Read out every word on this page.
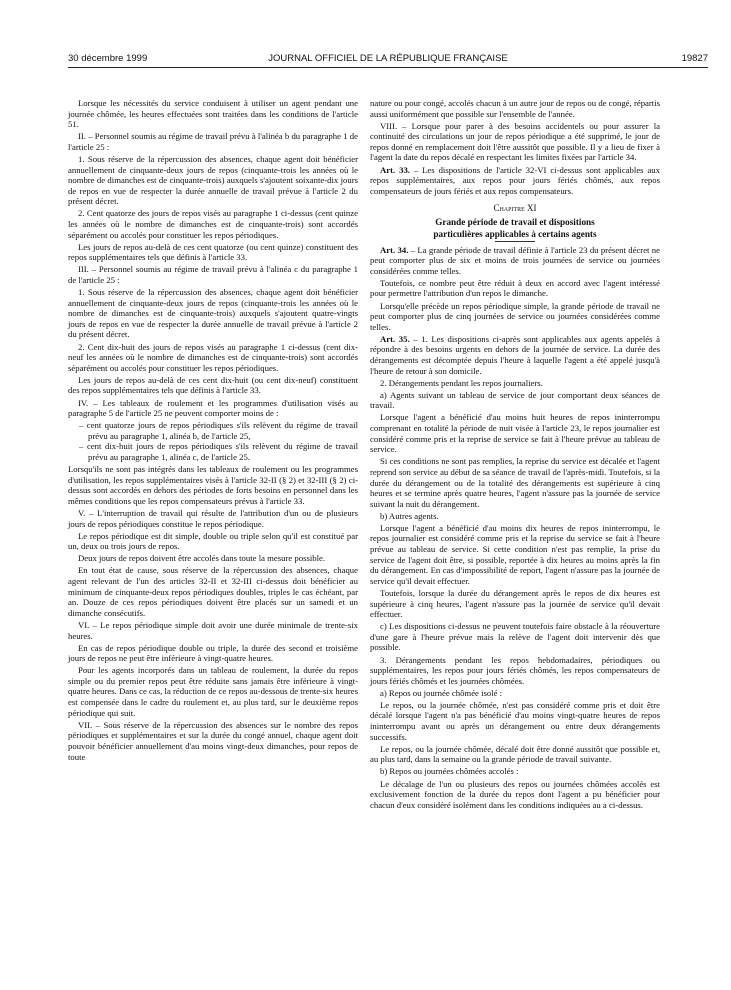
30 décembre 1999	JOURNAL OFFICIEL DE LA RÉPUBLIQUE FRANÇAISE	19827

Lorsque les nécessités du service conduisent à utiliser un agent pendant une journée chômée, les heures effectuées sont traitées dans les conditions de l'article 51.

II. – Personnel soumis au régime de travail prévu à l'alinéa b du paragraphe 1 de l'article 25 :

1. Sous réserve de la répercussion des absences, chaque agent doit bénéficier annuellement de cinquante-deux jours de repos (cinquante-trois les années où le nombre de dimanches est de cinquante-trois) auxquels s'ajoutent soixante-dix jours de repos en vue de respecter la durée annuelle de travail prévue à l'article 2 du présent décret.

2. Cent quatorze des jours de repos visés au paragraphe 1 ci-dessus (cent quinze les années où le nombre de dimanches est de cinquante-trois) sont accordés séparément ou accolés pour constituer les repos périodiques.

Les jours de repos au-delà de ces cent quatorze (ou cent quinze) constituent des repos supplémentaires tels que définis à l'article 33.

III. – Personnel soumis au régime de travail prévu à l'alinéa c du paragraphe 1 de l'article 25 :

1. Sous réserve de la répercussion des absences, chaque agent doit bénéficier annuellement de cinquante-deux jours de repos (cinquante-trois les années où le nombre de dimanches est de cinquante-trois) auxquels s'ajoutent quatre-vingts jours de repos en vue de respecter la durée annuelle de travail prévue à l'article 2 du présent décret.

2. Cent dix-huit des jours de repos visés au paragraphe 1 ci-dessus (cent dix-neuf les années où le nombre de dimanches est de cinquante-trois) sont accordés séparément ou accolés pour constituer les repos périodiques.

Les jours de repos au-delà de ces cent dix-huit (ou cent dix-neuf) constituent des repos supplémentaires tels que définis à l'article 33.

IV. – Les tableaux de roulement et les programmes d'utilisation visés au paragraphe 5 de l'article 25 ne peuvent comporter moins de :

– cent quatorze jours de repos périodiques s'ils relèvent du régime de travail prévu au paragraphe 1, alinéa b, de l'article 25,
– cent dix-huit jours de repos périodiques s'ils relèvent du régime de travail prévu au paragraphe 1, alinéa c, de l'article 25.

Lorsqu'ils ne sont pas intégrés dans les tableaux de roulement ou les programmes d'utilisation, les repos supplémentaires visés à l'article 32-II (§ 2) et 32-III (§ 2) ci-dessus sont accordés en dehors des périodes de forts besoins en personnel dans les mêmes conditions que les repos compensateurs prévus à l'article 33.

V. – L'interruption de travail qui résulte de l'attribution d'un ou de plusieurs jours de repos périodiques constitue le repos périodique.

Le repos périodique est dit simple, double ou triple selon qu'il est constitué par un, deux ou trois jours de repos.

Deux jours de repos doivent être accolés dans toute la mesure possible.

En tout état de cause, sous réserve de la répercussion des absences, chaque agent relevant de l'un des articles 32-II et 32-III ci-dessus doit bénéficier au minimum de cinquante-deux repos périodiques doubles, triples le cas échéant, par an. Douze de ces repos périodiques doivent être placés sur un samedi et un dimanche consécutifs.

VI. – Le repos périodique simple doit avoir une durée minimale de trente-six heures.

En cas de repos périodique double ou triple, la durée des second et troisième jours de repos ne peut être inférieure à vingt-quatre heures.

Pour les agents incorporés dans un tableau de roulement, la durée du repos simple ou du premier repos peut être réduite sans jamais être inférieure à vingt-quatre heures. Dans ce cas, la réduction de ce repos au-dessous de trente-six heures est compensée dans le cadre du roulement et, au plus tard, sur le deuxième repos périodique qui suit.

VII. – Sous réserve de la répercussion des absences sur le nombre des repos périodiques et supplémentaires et sur la durée du congé annuel, chaque agent doit pouvoir bénéficier annuellement d'au moins vingt-deux dimanches, pour repos de toute

nature ou pour congé, accolés chacun à un autre jour de repos ou de congé, répartis aussi uniformément que possible sur l'ensemble de l'année.

VIII. – Lorsque pour parer à des besoins accidentels ou pour assurer la continuité des circulations un jour de repos périodique a été supprimé, le jour de repos donné en remplacement doit l'être aussitôt que possible. Il y a lieu de fixer à l'agent la date du repos décalé en respectant les limites fixées par l'article 34.

Art. 33. – Les dispositions de l'article 32-VI ci-dessus sont applicables aux repos supplémentaires, aux repos pour jours fériés chômés, aux repos compensateurs de jours fériés et aux repos compensateurs.

Chapitre XI
Grande période de travail et dispositions
particulières applicables à certains agents

Art. 34. – La grande période de travail définie à l'article 23 du présent décret ne peut comporter plus de six et moins de trois journées de service ou journées considérées comme telles.

Toutefois, ce nombre peut être réduit à deux en accord avec l'agent intéressé pour permettre l'attribution d'un repos le dimanche.

Lorsqu'elle précède un repos périodique simple, la grande période de travail ne peut comporter plus de cinq journées de service ou journées considérées comme telles.

Art. 35. – 1. Les dispositions ci-après sont applicables aux agents appelés à répondre à des besoins urgents en dehors de la journée de service. La durée des dérangements est décomptée depuis l'heure à laquelle l'agent a été appelé jusqu'à l'heure de retour à son domicile.

2. Dérangements pendant les repos journaliers.

a) Agents suivant un tableau de service de jour comportant deux séances de travail.

Lorsque l'agent a bénéficié d'au moins huit heures de repos ininterrompu comprenant en totalité la période de nuit visée à l'article 23, le repos journalier est considéré comme pris et la reprise de service se fait à l'heure prévue au tableau de service.

Si ces conditions ne sont pas remplies, la reprise du service est décalée et l'agent reprend son service au début de sa séance de travail de l'après-midi. Toutefois, si la durée du dérangement ou de la totalité des dérangements est supérieure à cinq heures et se termine après quatre heures, l'agent n'assure pas la journée de service suivant la nuit du dérangement.

b) Autres agents.

Lorsque l'agent a bénéficié d'au moins dix heures de repos ininterrompu, le repos journalier est considéré comme pris et la reprise du service se fait à l'heure prévue au tableau de service. Si cette condition n'est pas remplie, la prise du service de l'agent doit être, si possible, reportée à dix heures au moins après la fin du dérangement. En cas d'impossibilité de report, l'agent n'assure pas la journée de service qu'il devait effectuer.

Toutefois, lorsque la durée du dérangement après le repos de dix heures est supérieure à cinq heures, l'agent n'assure pas la journée de service qu'il devait effectuer.

c) Les dispositions ci-dessus ne peuvent toutefois faire obstacle à la réouverture d'une gare à l'heure prévue mais la relève de l'agent doit intervenir dès que possible.

3. Dérangements pendant les repos hebdomadaires, périodiques ou supplémentaires, les repos pour jours fériés chômés, les repos compensateurs de jours fériés chômés et les journées chômées.

a) Repos ou journée chômée isolé :

Le repos, ou la journée chômée, n'est pas considéré comme pris et doit être décalé lorsque l'agent n'a pas bénéficié d'au moins vingt-quatre heures de repos ininterrompu avant ou après un dérangement ou entre deux dérangements successifs.

Le repos, ou la journée chômée, décalé doit être donné aussitôt que possible et, au plus tard, dans la semaine ou la grande période de travail suivante.

b) Repos ou journées chômées accolés :

Le décalage de l'un ou plusieurs des repos ou journées chômées accolés est exclusivement fonction de la durée du repos dont l'agent a pu bénéficier pour chacun d'eux considéré isolément dans les conditions indiquées au a ci-dessus.
